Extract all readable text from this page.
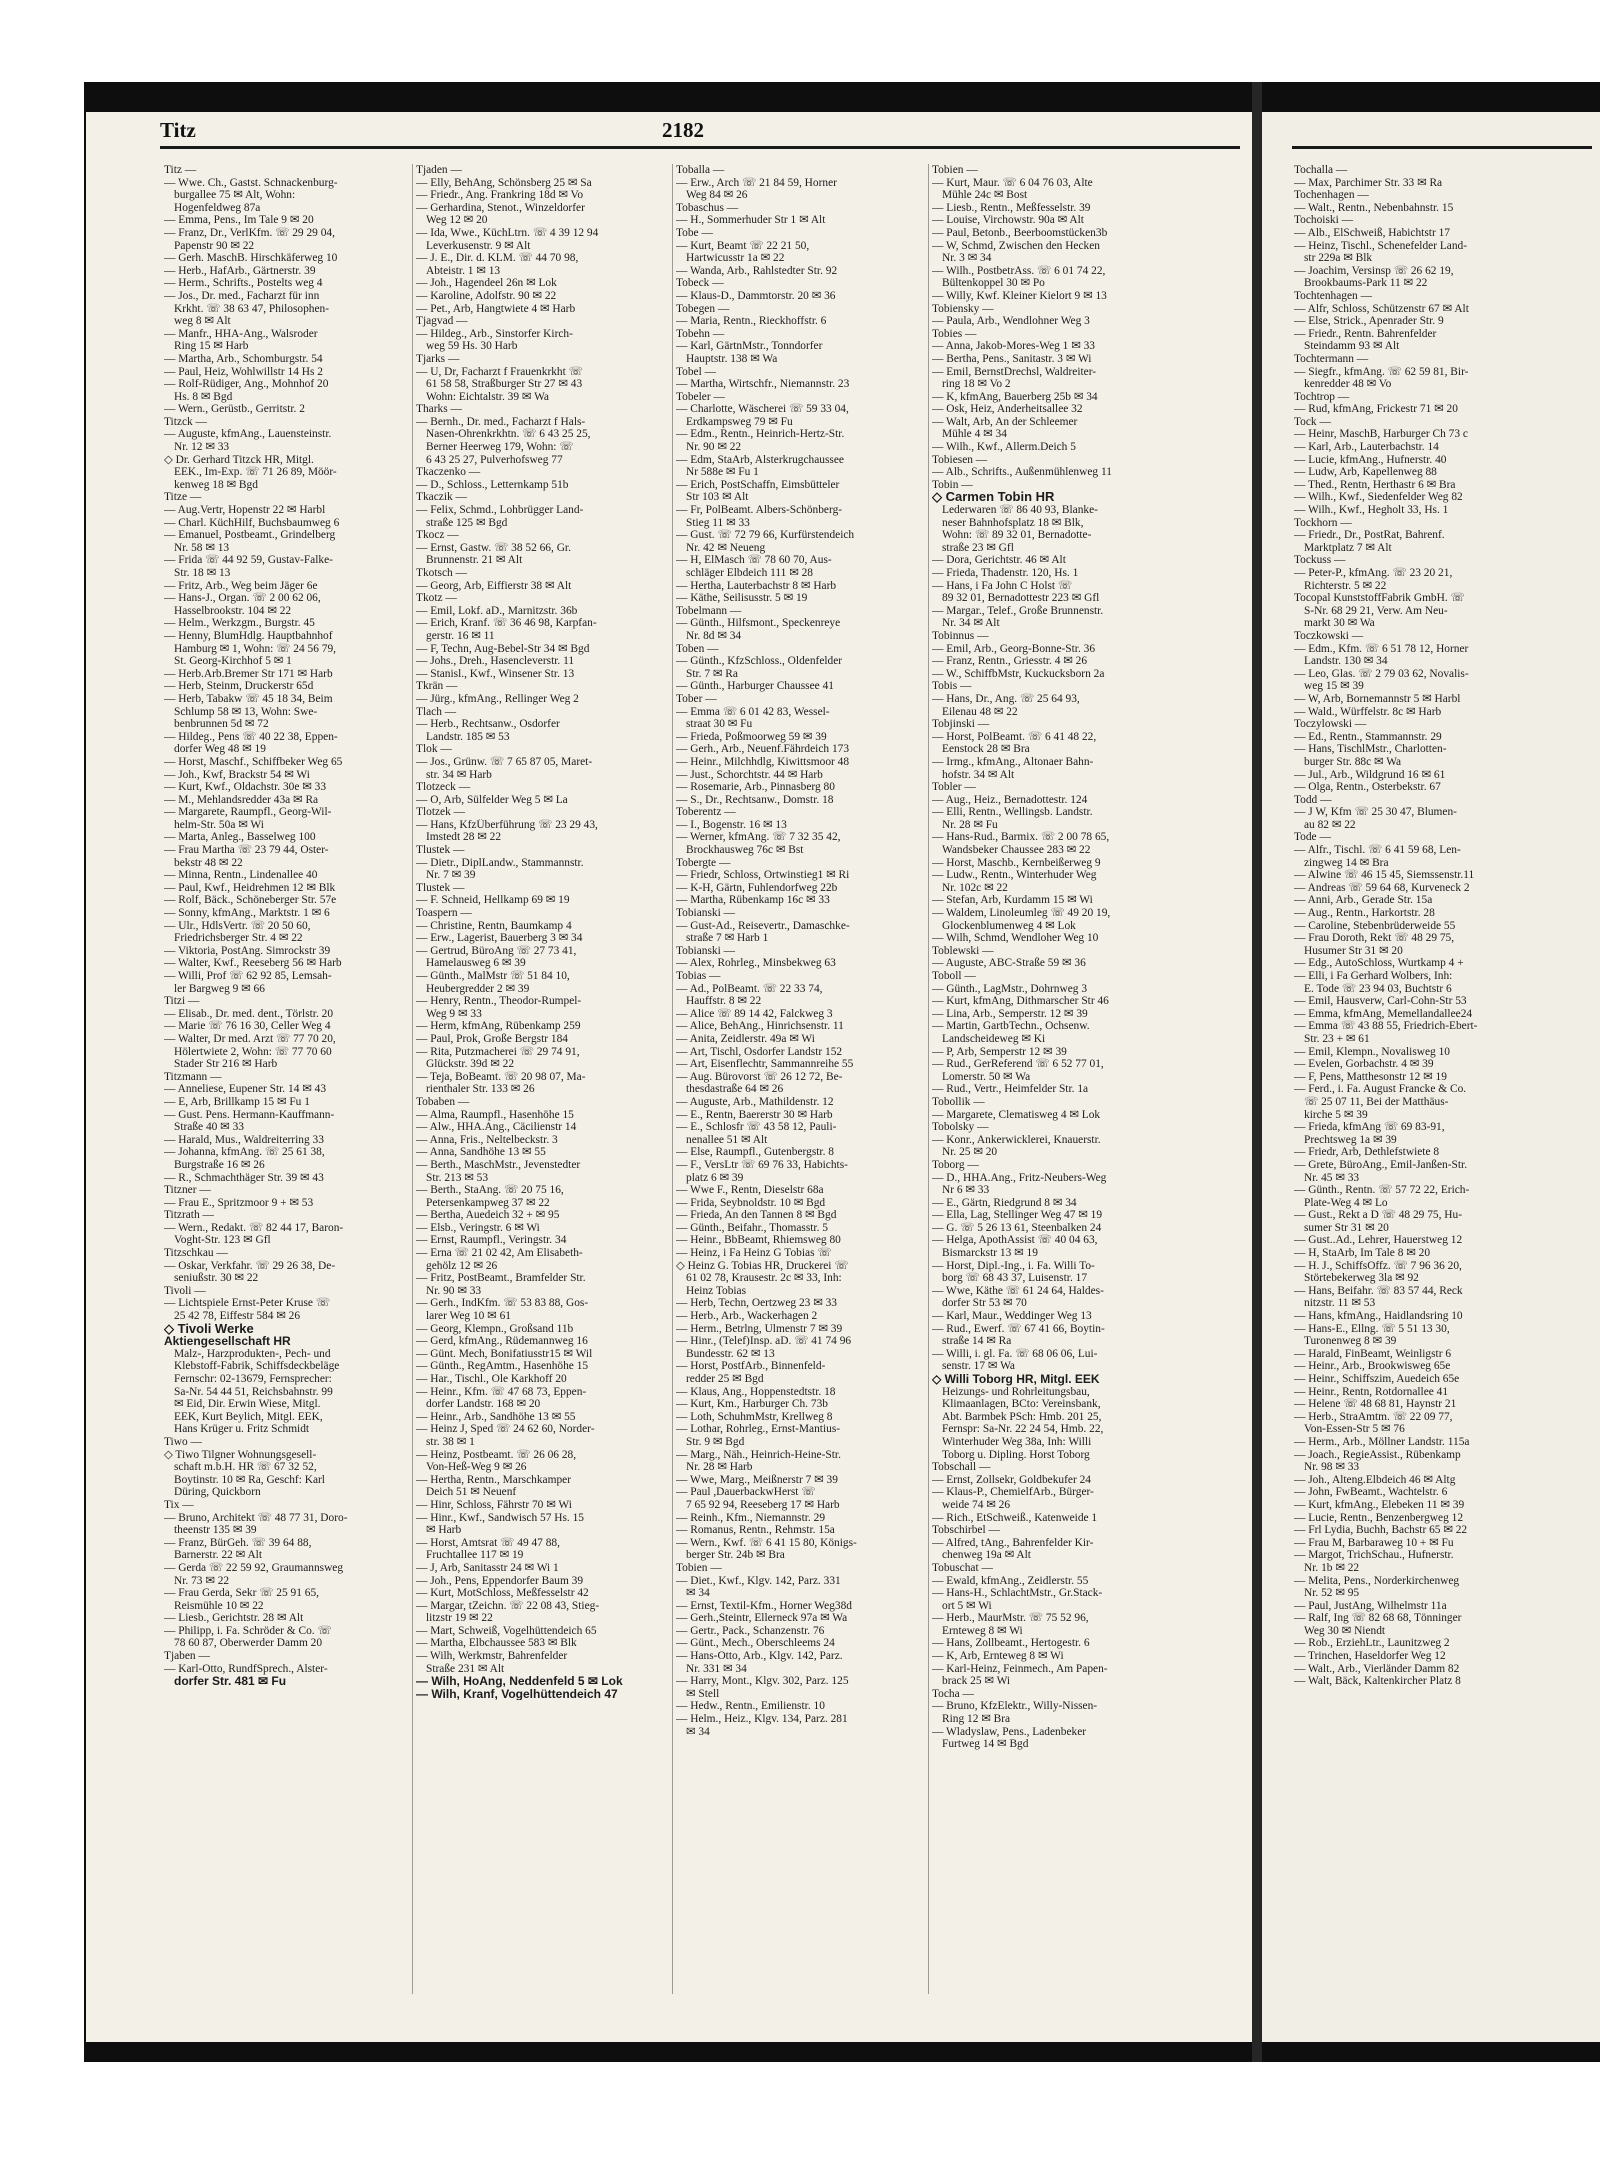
Titz	2182
Titz —
— Wwe. Ch., Gastst. Schnackenburg-
burgallee 75 ✉ Alt, Wohn:
Hogenfeldweg 87a
— Emma, Pens., Im Tale 9 ✉ 20
— Franz, Dr., VerlKfm. ☏ 29 29 04,
Papenstr 90 ✉ 22
— Gerh. MaschB. Hirschkäferweg 10
— Herb., HafArb., Gärtnerstr. 39
— Herm., Schrifts., Postelts weg 4
— Jos., Dr. med., Facharzt für inn
Krkht. ☏ 38 63 47, Philosophen-
weg 8 ✉ Alt
— Manfr., HHA-Ang., Walsroder
Ring 15 ✉ Harb
— Martha, Arb., Schomburgstr. 54
— Paul, Heiz, Wohlwillstr 14 Hs 2
— Rolf-Rüdiger, Ang., Mohnhof 20
Hs. 8 ✉ Bgd
— Wern., Gerüstb., Gerritstr. 2
Titzck —
— Auguste, kfmAng., Lauensteinstr.
Nr. 12 ✉ 33
◇ Dr. Gerhard Titzck HR, Mitgl.
EEK., Im-Exp. ☏ 71 26 89, Möör-
kenweg 18 ✉ Bgd
Titze —
— Aug.Vertr, Hopenstr 22 ✉ Harbl
— Charl. KüchHilf, Buchsbaumweg 6
— Emanuel, Postbeamt., Grindelberg
Nr. 58 ✉ 13
— Frida ☏ 44 92 59, Gustav-Falke-
Str. 18 ✉ 13
— Fritz, Arb., Weg beim Jäger 6e
— Hans-J., Organ. ☏ 2 00 62 06,
Hasselbrookstr. 104 ✉ 22
— Helm., Werkzgm., Burgstr. 45
— Henny, BlumHdlg. Hauptbahnhof
Hamburg ✉ 1, Wohn: ☏ 24 56 79,
St. Georg-Kirchhof 5 ✉ 1
— Herb.Arb.Bremer Str 171 ✉ Harb
— Herb, Steinm, Druckerstr 65d
— Herb, Tabakw ☏ 45 18 34, Beim
Schlump 58 ✉ 13, Wohn: Swe-
benbrunnen 5d ✉ 72
— Hildeg., Pens ☏ 40 22 38, Eppen-
dorfer Weg 48 ✉ 19
— Horst, Maschf., Schiffbeker Weg 65
— Joh., Kwf, Brackstr 54 ✉ Wi
— Kurt, Kwf., Oldachstr. 30e ✉ 33
— M., Mehlandsredder 43a ✉ Ra
— Margarete, Raumpfl., Georg-Wil-
helm-Str. 50a ✉ Wi
— Marta, Anleg., Basselweg 100
— Frau Martha ☏ 23 79 44, Oster-
bekstr 48 ✉ 22
— Minna, Rentn., Lindenallee 40
— Paul, Kwf., Heidrehmen 12 ✉ Blk
— Rolf, Bäck., Schöneberger Str. 57e
— Sonny, kfmAng., Marktstr. 1 ✉ 6
— Ulr., HdlsVertr. ☏ 20 50 60,
Friedrichsberger Str. 4 ✉ 22
— Viktoria, PostAng. Simrockstr 39
— Walter, Kwf., Reeseberg 56 ✉ Harb
— Willi, Prof ☏ 62 92 85, Lemsah-
ler Bargweg 9 ✉ 66
Titzi —
— Elisab., Dr. med. dent., Törlstr. 20
— Marie ☏ 76 16 30, Celler Weg 4
— Walter, Dr med. Arzt ☏ 77 70 20,
Hölertwiete 2, Wohn: ☏ 77 70 60
Stader Str 216 ✉ Harb
Titzmann —
— Anneliese, Eupener Str. 14 ✉ 43
— E, Arb, Brillkamp 15 ✉ Fu 1
— Gust. Pens. Hermann-Kauffmann-
Straße 40 ✉ 33
— Harald, Mus., Waldreiterring 33
— Johanna, kfmAng. ☏ 25 61 38,
Burgstraße 16 ✉ 26
— R., Schmachthäger Str. 39 ✉ 43
Titzner —
— Frau E., Spritzmoor 9 + ✉ 53
Titzrath —
— Wern., Redakt. ☏ 82 44 17, Baron-
Voght-Str. 123 ✉ Gfl
Titzschkau —
— Oskar, Verkfahr. ☏ 29 26 38, De-
seniußstr. 30 ✉ 22
Tivoli —
— Lichtspiele Ernst-Peter Kruse ☏
25 42 78, Eiffestr 584 ✉ 26
◇ Tivoli Werke
Aktiengesellschaft HR
Malz-, Harzprodukten-, Pech- und
Klebstoff-Fabrik, Schiffsdeckbeläge
Fernschr: 02-13679, Fernsprecher:
Sa-Nr. 54 44 51, Reichsbahnstr. 99
✉ Eid, Dir. Erwin Wiese, Mitgl.
EEK, Kurt Beylich, Mitgl. EEK,
Hans Krüger u. Fritz Schmidt
Tiwo —
◇ Tiwo Tilgner Wohnungsgesell-
schaft m.b.H. HR ☏ 67 32 52,
Boytinstr. 10 ✉ Ra, Geschf: Karl
Düring, Quickborn
Tix —
— Bruno, Architekt ☏ 48 77 31, Doro-
theenstr 135 ✉ 39
— Franz, BürGeh. ☏ 39 64 88,
Barnerstr. 22 ✉ Alt
— Gerda ☏ 22 59 92, Graumannsweg
Nr. 73 ✉ 22
— Frau Gerda, Sekr ☏ 25 91 65,
Reismühle 10 ✉ 22
— Liesb., Gerichtstr. 28 ✉ Alt
— Philipp, i. Fa. Schröder & Co. ☏
78 60 87, Oberwerder Damm 20
Tjaben —
— Karl-Otto, RundfSprech., Alster-
dorfer Str. 481 ✉ Fu
Tjaden —
— Elly, BehAng, Schönsberg 25 ✉ Sa
— Friedr., Ang. Frankring 18d ✉ Vo
— Gerhardina, Stenot., Winzeldorfer
Weg 12 ✉ 20
— Ida, Wwe., KüchLtrn. ☏ 4 39 12 94
Leverkusenstr. 9 ✉ Alt
— J. E., Dir. d. KLM. ☏ 44 70 98,
Abteistr. 1 ✉ 13
— Joh., Hagendeel 26n ✉ Lok
— Karoline, Adolfstr. 90 ✉ 22
— Pet., Arb, Hangtwiete 4 ✉ Harb
Tjagvad —
— Hildeg., Arb., Sinstorfer Kirch-
weg 59 Hs. 30 Harb
Tjarks —
— U, Dr, Facharzt f Frauenkrkht ☏
61 58 58, Straßburger Str 27 ✉ 43
Wohn: Eichtalstr. 39 ✉ Wa
Tharks —
— Bernh., Dr. med., Facharzt f Hals-
Nasen-Ohrenkrkhtn. ☏ 6 43 25 25,
Berner Heerweg 179, Wohn: ☏
6 43 25 27, Pulverhofsweg 77
Tkaczenko —
— D., Schloss., Letternkamp 51b
Tkaczik —
— Felix, Schmd., Lohbrügger Land-
straße 125 ✉ Bgd
Tkocz —
— Ernst, Gastw. ☏ 38 52 66, Gr.
Brunnenstr. 21 ✉ Alt
Tkotsch —
— Georg, Arb, Eiffierstr 38 ✉ Alt
Tkotz —
— Emil, Lokf. aD., Marnitzstr. 36b
— Erich, Kranf. ☏ 36 46 98, Karpfan-
gerstr. 16 ✉ 11
— F, Techn, Aug-Bebel-Str 34 ✉ Bgd
— Johs., Dreh., Hasencleverstr. 11
— Stanisl., Kwf., Winsener Str. 13
Tkrän —
— Jürg., kfmAng., Rellinger Weg 2
Tlach —
— Herb., Rechtsanw., Osdorfer
Landstr. 185 ✉ 53
Tlok —
— Jos., Grünw. ☏ 7 65 87 05, Maret-
str. 34 ✉ Harb
Tlotzeck —
— O, Arb, Sülfelder Weg 5 ✉ La
Tlotzek —
— Hans, KfzÜberführung ☏ 23 29 43,
Imstedt 28 ✉ 22
Tlustek —
— Dietr., DiplLandw., Stammannstr.
Nr. 7 ✉ 39
Tlustek —
— F. Schneid, Hellkamp 69 ✉ 19
Toaspern —
— Christine, Rentn, Baumkamp 4
— Erw., Lagerist, Bauerberg 3 ✉ 34
— Gertrud, BüroAng ☏ 27 73 41,
Hamelausweg 6 ✉ 39
— Günth., MalMstr ☏ 51 84 10,
Heubergredder 2 ✉ 39
— Henry, Rentn., Theodor-Rumpel-
Weg 9 ✉ 33
— Herm, kfmAng, Rübenkamp 259
— Paul, Prok, Große Bergstr 184
— Rita, Putzmacherei ☏ 29 74 91,
Glückstr. 39d ✉ 22
— Teja, BoBeamt. ☏ 20 98 07, Ma-
rienthaler Str. 133 ✉ 26
Tobaben —
— Alma, Raumpfl., Hasenhöhe 15
— Alw., HHA.Ang., Cäcilienstr 14
— Anna, Fris., Neltelbeckstr. 3
— Anna, Sandhöhe 13 ✉ 55
— Berth., MaschMstr., Jevenstedter
Str. 213 ✉ 53
— Berth., StaAng. ☏ 20 75 16,
Petersenkampweg 37 ✉ 22
— Bertha, Auedeich 32 + ✉ 95
— Elsb., Veringstr. 6 ✉ Wi
— Ernst, Raumpfl., Veringstr. 34
— Erna ☏ 21 02 42, Am Elisabeth-
gehölz 12 ✉ 26
— Fritz, PostBeamt., Bramfelder Str.
Nr. 90 ✉ 33
— Gerh., IndKfm. ☏ 53 83 88, Gos-
larer Weg 10 ✉ 61
— Georg, Klempn., Großsand 11b
— Gerd, kfmAng., Rüdemannweg 16
— Günt. Mech, Bonifatiusstr15 ✉ Wil
— Günth., RegAmtm., Hasenhöhe 15
— Har., Tischl., Ole Karkhoff 20
— Heinr., Kfm. ☏ 47 68 73, Eppen-
dorfer Landstr. 168 ✉ 20
— Heinr., Arb., Sandhöhe 13 ✉ 55
— Heinz J, Sped ☏ 24 62 60, Norder-
str. 38 ✉ 1
— Heinz, Postbeamt. ☏ 26 06 28,
Von-Heß-Weg 9 ✉ 26
— Hertha, Rentn., Marschkamper
Deich 51 ✉ Neuenf
— Hinr, Schloss, Fährstr 70 ✉ Wi
— Hinr., Kwf., Sandwisch 57 Hs. 15
✉ Harb
— Horst, Amtsrat ☏ 49 47 88,
Fruchtallee 117 ✉ 19
— J, Arb, Sanitasstr 24 ✉ Wi 1
— Joh., Pens, Eppendorfer Baum 39
— Kurt, MotSchloss, Meßfesselstr 42
— Margar, tZeichn. ☏ 22 08 43, Stieg-
litzstr 19 ✉ 22
— Mart, Schweiß, Vogelhüttendeich 65
— Martha, Elbchaussee 583 ✉ Blk
— Wilh, Werkmstr, Bahrenfelder
Straße 231 ✉ Alt
— Wilh, HoAng, Neddenfeld 5 ✉ Lok
— Wilh, Kranf, Vogelhüttendeich 47
Toballa —
— Erw., Arch ☏ 21 84 59, Horner
Weg 84 ✉ 26
Tobaschus —
— H., Sommerhuder Str 1 ✉ Alt
Tobe —
— Kurt, Beamt ☏ 22 21 50,
Hartwicusstr 1a ✉ 22
— Wanda, Arb., Rahlstedter Str. 92
Tobeck —
— Klaus-D., Dammtorstr. 20 ✉ 36
Tobegen —
— Maria, Rentn., Rieckhoffstr. 6
Tobehn —
— Karl, GärtnMstr., Tonndorfer
Hauptstr. 138 ✉ Wa
Tobel —
— Martha, Wirtschfr., Niemannstr. 23
Tobeler —
— Charlotte, Wäscherei ☏ 59 33 04,
Erdkampsweg 79 ✉ Fu
— Edm., Rentn., Heinrich-Hertz-Str.
Nr. 90 ✉ 22
— Edm, StaArb, Alsterkrugchaussee
Nr 588e ✉ Fu 1
— Erich, PostSchaffn, Eimsbütteler
Str 103 ✉ Alt
— Fr, PolBeamt. Albers-Schönberg-
Stieg 11 ✉ 33
— Gust. ☏ 72 79 66, Kurfürstendeich
Nr. 42 ✉ Neueng
— H, ElMasch ☏ 78 60 70, Aus-
schläger Elbdeich 111 ✉ 28
— Hertha, Lauterbachstr 8 ✉ Harb
— Käthe, Seilisusstr. 5 ✉ 19
Tobelmann —
— Günth., Hilfsmont., Speckenreye
Nr. 8d ✉ 34
Toben —
— Günth., KfzSchloss., Oldenfelder
Str. 7 ✉ Ra
— Günth., Harburger Chaussee 41
Tober —
— Emma ☏ 6 01 42 83, Wessel-
straat 30 ✉ Fu
— Frieda, Poßmoorweg 59 ✉ 39
— Gerh., Arb., Neuenf.Fährdeich 173
— Heinr., Milchhdlg, Kiwittsmoor 48
— Just., Schorchtstr. 44 ✉ Harb
— Rosemarie, Arb., Pinnasberg 80
— S., Dr., Rechtsanw., Domstr. 18
Toberentz —
— I., Bogenstr. 16 ✉ 13
— Werner, kfmAng. ☏ 7 32 35 42,
Brockhausweg 76c ✉ Bst
Tobergte —
— Friedr, Schloss, Ortwinstieg1 ✉ Ri
— K-H, Gärtn, Fuhlendorfweg 22b
— Martha, Rübenkamp 16c ✉ 33
Tobianski —
— Gust-Ad., Reisevertr., Damaschke-
straße 7 ✉ Harb 1
Tobianski —
— Alex, Rohrleg., Minsbekweg 63
Tobias —
— Ad., PolBeamt. ☏ 22 33 74,
Hauffstr. 8 ✉ 22
— Alice ☏ 89 14 42, Falckweg 3
— Alice, BehAng., Hinrichsenstr. 11
— Anita, Zeidlerstr. 49a ✉ Wi
— Art, Tischl, Osdorfer Landstr 152
— Art, Eisenflechtr, Sammannreihe 55
— Aug. Bürovorst ☏ 26 12 72, Be-
thesdastraße 64 ✉ 26
— Auguste, Arb., Mathildenstr. 12
— E., Rentn, Baererstr 30 ✉ Harb
— E., Schlosfr ☏ 43 58 12, Pauli-
nenallee 51 ✉ Alt
— Else, Raumpfl., Gutenbergstr. 8
— F., VersLtr ☏ 69 76 33, Habichts-
platz 6 ✉ 39
— Wwe F., Rentn, Dieselstr 68a
— Frida, Seybnoldstr. 10 ✉ Bgd
— Frieda, An den Tannen 8 ✉ Bgd
— Günth., Beifahr., Thomasstr. 5
— Heinr., BbBeamt, Rhiemsweg 80
— Heinz, i Fa Heinz G Tobias ☏
◇ Heinz G. Tobias HR, Druckerei ☏
61 02 78, Krausestr. 2c ✉ 33, Inh:
Heinz Tobias
— Herb, Techn, Oertzweg 23 ✉ 33
— Herb., Arb., Wackerhagen 2
— Herm., Betrlng, Ulmenstr 7 ✉ 39
— Hinr., (Telef)Insp. aD. ☏ 41 74 96
Bundesstr. 62 ✉ 13
— Horst, PostfArb., Binnenfeld-
redder 25 ✉ Bgd
— Klaus, Ang., Hoppenstedtstr. 18
— Kurt, Km., Harburger Ch. 73b
— Loth, SchuhmMstr, Krellweg 8
— Lothar, Rohrleg., Ernst-Mantius-
Str. 9 ✉ Bgd
— Marg., Näh., Heinrich-Heine-Str.
Nr. 28 ✉ Harb
— Wwe, Marg., Meißnerstr 7 ✉ 39
— Paul ,DauerbackwHerst ☏
7 65 92 94, Reeseberg 17 ✉ Harb
— Reinh., Kfm., Niemannstr. 29
— Romanus, Rentn., Rehmstr. 15a
— Wern., Kwf. ☏ 6 41 15 80, Königs-
berger Str. 24b ✉ Bra
Tobien —
— Diet., Kwf., Klgv. 142, Parz. 331
✉ 34
— Ernst, Textil-Kfm., Horner Weg38d
— Gerh.,Steintr, Ellerneck 97a ✉ Wa
— Gertr., Pack., Schanzenstr. 76
— Günt., Mech., Oberschleems 24
— Hans-Otto, Arb., Klgv. 142, Parz.
Nr. 331 ✉ 34
— Harry, Mont., Klgv. 302, Parz. 125
✉ Stell
— Hedw., Rentn., Emilienstr. 10
— Helm., Heiz., Klgv. 134, Parz. 281
✉ 34
Tobien —
— Kurt, Maur. ☏ 6 04 76 03, Alte
Mühle 24c ✉ Bost
— Liesb., Rentn., Meßfesselstr. 39
— Louise, Virchowstr. 90a ✉ Alt
— Paul, Betonb., Beerboomstücken3b
— W, Schmd, Zwischen den Hecken
Nr. 3 ✉ 34
— Wilh., PostbetrAss. ☏ 6 01 74 22,
Bültenkoppel 30 ✉ Po
— Willy, Kwf. Kleiner Kielort 9 ✉ 13
Tobiensky —
— Paula, Arb., Wendlohner Weg 3
Tobies —
— Anna, Jakob-Mores-Weg 1 ✉ 33
— Bertha, Pens., Sanitastr. 3 ✉ Wi
— Emil, BernstDrechsl, Waldreiter-
ring 18 ✉ Vo 2
— K, kfmAng, Bauerberg 25b ✉ 34
— Osk, Heiz, Anderheitsallee 32
— Walt, Arb, An der Schleemer
Mühle 4 ✉ 34
— Wilh., Kwf., Allerm.Deich 5
Tobiesen —
— Alb., Schrifts., Außenmühlenweg 11
Tobin —
◇ Carmen Tobin HR
Lederwaren ☏ 86 40 93, Blanke-
neser Bahnhofsplatz 18 ✉ Blk,
Wohn: ☏ 89 32 01, Bernadotte-
straße 23 ✉ Gfl
— Dora, Gerichtstr. 46 ✉ Alt
— Frieda, Thadenstr. 120, Hs. 1
— Hans, i Fa John C Holst ☏
89 32 01, Bernadottestr 223 ✉ Gfl
— Margar., Telef., Große Brunnenstr.
Nr. 34 ✉ Alt
Tobinnus —
— Emil, Arb., Georg-Bonne-Str. 36
— Franz, Rentn., Griesstr. 4 ✉ 26
— W., SchiffbMstr, Kuckucksborn 2a
Tobis —
— Hans, Dr., Ang. ☏ 25 64 93,
Eilenau 48 ✉ 22
Tobjinski —
— Horst, PolBeamt. ☏ 6 41 48 22,
Eenstock 28 ✉ Bra
— Irmg., kfmAng., Altonaer Bahn-
hofstr. 34 ✉ Alt
Tobler —
— Aug., Heiz., Bernadottestr. 124
— Elli, Rentn., Wellingsb. Landstr.
Nr. 28 ✉ Fu
— Hans-Rud., Barmix. ☏ 2 00 78 65,
Wandsbeker Chaussee 283 ✉ 22
— Horst, Maschb., Kernbeißerweg 9
— Ludw., Rentn., Winterhuder Weg
Nr. 102c ✉ 22
— Stefan, Arb, Kurdamm 15 ✉ Wi
— Waldem, Linoleumleg ☏ 49 20 19,
Glockenblumenweg 4 ✉ Lok
— Wilh, Schmd, Wendloher Weg 10
Toblewski —
— Auguste, ABC-Straße 59 ✉ 36
Toboll —
— Günth., LagMstr., Dohrnweg 3
— Kurt, kfmAng, Dithmarscher Str 46
— Lina, Arb., Semperstr. 12 ✉ 39
— Martin, GartbTechn., Ochsenw.
Landscheideweg ✉ Ki
— P, Arb, Semperstr 12 ✉ 39
— Rud., GerReferend ☏ 6 52 77 01,
Lomerstr. 50 ✉ Wa
— Rud., Vertr., Heimfelder Str. 1a
Tobollik —
— Margarete, Clematisweg 4 ✉ Lok
Tobolsky —
— Konr., Ankerwicklerei, Knauerstr.
Nr. 25 ✉ 20
Toborg —
— D., HHA.Ang., Fritz-Neubers-Weg
Nr 6 ✉ 33
— E., Gärtn, Riedgrund 8 ✉ 34
— Ella, Lag, Stellinger Weg 47 ✉ 19
— G. ☏ 5 26 13 61, Steenbalken 24
— Helga, ApothAssist ☏ 40 04 63,
Bismarckstr 13 ✉ 19
— Horst, Dipl.-Ing., i. Fa. Willi To-
borg ☏ 68 43 37, Luisenstr. 17
— Wwe, Käthe ☏ 61 24 64, Haldes-
dorfer Str 53 ✉ 70
— Karl, Maur., Weddinger Weg 13
— Rud., Ewerf. ☏ 67 41 66, Boytin-
straße 14 ✉ Ra
— Willi, i. gl. Fa. ☏ 68 06 06, Lui-
senstr. 17 ✉ Wa
◇ Willi Toborg HR, Mitgl. EEK
Heizungs- und Rohrleitungsbau,
Klimaanlagen, BCto: Vereinsbank,
Abt. Barmbek PSch: Hmb. 201 25,
Fernspr: Sa-Nr. 22 24 54, Hmb. 22,
Winterhuder Weg 38a, Inh: Willi
Toborg u. Dipling. Horst Toborg
Tobschall —
— Ernst, Zollsekr, Goldbekufer 24
— Klaus-P., ChemielfArb., Bürger-
weide 74 ✉ 26
— Rich., EtSchweiß., Katenweide 1
Tobschirbel —
— Alfred, tAng., Bahrenfelder Kir-
chenweg 19a ✉ Alt
Tobuschat —
— Ewald, kfmAng., Zeidlerstr. 55
— Hans-H., SchlachtMstr., Gr.Stack-
ort 5 ✉ Wi
— Herb., MaurMstr. ☏ 75 52 96,
Ernteweg 8 ✉ Wi
— Hans, Zollbeamt., Hertogestr. 6
— K, Arb, Ernteweg 8 ✉ Wi
— Karl-Heinz, Feinmech., Am Papen-
brack 25 ✉ Wi
Tocha —
— Bruno, KfzElektr., Willy-Nissen-
Ring 12 ✉ Bra
— Wladyslaw, Pens., Ladenbeker
Furtweg 14 ✉ Bgd
Tochalla —
— Max, Parchimer Str. 33 ✉ Ra
Tochenhagen —
— Walt., Rentn., Nebenbahnstr. 15
Tochoiski —
— Alb., ElSchweiß, Habichtstr 17
— Heinz, Tischl., Schenefelder Land-
str 229a ✉ Blk
— Joachim, Versinsp ☏ 26 62 19,
Brookbaums-Park 11 ✉ 22
Tochtenhagen —
— Alfr, Schloss, Schützenstr 67 ✉ Alt
— Else, Strick., Apenrader Str. 9
— Friedr., Rentn. Bahrenfelder
Steindamm 93 ✉ Alt
Tochtermann —
— Siegfr., kfmAng. ☏ 62 59 81, Bir-
kenredder 48 ✉ Vo
Tochtrop —
— Rud, kfmAng, Frickestr 71 ✉ 20
Tock —
— Heinr, MaschB, Harburger Ch 73 c
— Karl, Arb., Lauterbachstr. 14
— Lucie, kfmAng., Hufnerstr. 40
— Ludw, Arb, Kapellenweg 88
— Thed., Rentn, Herthastr 6 ✉ Bra
— Wilh., Kwf., Siedenfelder Weg 82
— Wilh., Kwf., Hegholt 33, Hs. 1
Tockhorn —
— Friedr., Dr., PostRat, Bahrenf.
Marktplatz 7 ✉ Alt
Tockuss —
— Peter-P., kfmAng. ☏ 23 20 21,
Richterstr. 5 ✉ 22
Tocopal KunststoffFabrik GmbH. ☏
S-Nr. 68 29 21, Verw. Am Neu-
markt 30 ✉ Wa
Toczkowski —
— Edm., Kfm. ☏ 6 51 78 12, Horner
Landstr. 130 ✉ 34
— Leo, Glas. ☏ 2 79 03 62, Novalis-
weg 15 ✉ 39
— W, Arb, Bornemannstr 5 ✉ Harbl
— Wald., Würffelstr. 8c ✉ Harb
Toczylowski —
— Ed., Rentn., Stammannstr. 29
— Hans, TischlMstr., Charlotten-
burger Str. 88c ✉ Wa
— Jul., Arb., Wildgrund 16 ✉ 61
— Olga, Rentn., Osterbekstr. 67
Todd —
— J W, Kfm ☏ 25 30 47, Blumen-
au 82 ✉ 22
Tode —
— Alfr., Tischl. ☏ 6 41 59 68, Len-
zingweg 14 ✉ Bra
— Alwine ☏ 46 15 45, Siemssenstr.11
— Andreas ☏ 59 64 68, Kurveneck 2
— Anni, Arb., Gerade Str. 15a
— Aug., Rentn., Harkortstr. 28
— Caroline, Stebenbrüderweide 55
— Frau Doroth, Rekt ☏ 48 29 75,
Husumer Str 31 ✉ 20
— Edg., AutoSchloss, Wurtkamp 4 +
— Elli, i Fa Gerhard Wolbers, Inh:
E. Tode ☏ 23 94 03, Buchtstr 6
— Emil, Hausverw, Carl-Cohn-Str 53
— Emma, kfmAng, Memellandallee24
— Emma ☏ 43 88 55, Friedrich-Ebert-
Str. 23 + ✉ 61
— Emil, Klempn., Novalisweg 10
— Evelen, Gorbachstr. 4 ✉ 39
— F, Pens, Matthesonstr 12 ✉ 19
— Ferd., i. Fa. August Francke & Co.
☏ 25 07 11, Bei der Matthäus-
kirche 5 ✉ 39
— Frieda, kfmAng ☏ 69 83-91,
Prechtsweg 1a ✉ 39
— Friedr, Arb, Dethlefstwiete 8
— Grete, BüroAng., Emil-Janßen-Str.
Nr. 45 ✉ 33
— Günth., Rentn. ☏ 57 72 22, Erich-
Plate-Weg 4 ✉ Lo
— Gust., Rekt a D ☏ 48 29 75, Hu-
sumer Str 31 ✉ 20
— Gust..Ad., Lehrer, Hauerstweg 12
— H, StaArb, Im Tale 8 ✉ 20
— H. J., SchiffsOffz. ☏ 7 96 36 20,
Störtebekerweg 3la ✉ 92
— Hans, Beifahr. ☏ 83 57 44, Reck
nitzstr. 11 ✉ 53
— Hans, kfmAng., Haidlandsring 10
— Hans-E., Ellng. ☏ 5 51 13 30,
Turonenweg 8 ✉ 39
— Harald, FinBeamt, Weinligstr 6
— Heinr., Arb., Brookwisweg 65e
— Heinr., Schiffszim, Auedeich 65e
— Heinr., Rentn, Rotdornallee 41
— Helene ☏ 48 68 81, Haynstr 21
— Herb., StraAmtm. ☏ 22 09 77,
Von-Essen-Str 5 ✉ 76
— Herm., Arb., Möllner Landstr. 115a
— Joach., RegieAssist., Rübenkamp
Nr. 98 ✉ 33
— Joh., Alteng.Elbdeich 46 ✉ Altg
— John, FwBeamt., Wachtelstr. 6
— Kurt, kfmAng., Elebeken 11 ✉ 39
— Lucie, Rentn., Benzenbergweg 12
— Frl Lydia, Buchh, Bachstr 65 ✉ 22
— Frau M, Barbaraweg 10 + ✉ Fu
— Margot, TrichSchau., Hufnerstr.
Nr. 1b ✉ 22
— Melita, Pens., Norderkirchenweg
Nr. 52 ✉ 95
— Paul, JustAng, Wilhelmstr 11a
— Ralf, Ing ☏ 82 68 68, Tönninger
Weg 30 ✉ Niendt
— Rob., ErziehLtr., Launitzweg 2
— Trinchen, Haseldorfer Weg 12
— Walt., Arb., Vierländer Damm 82
— Walt, Bäck, Kaltenkircher Platz 8
